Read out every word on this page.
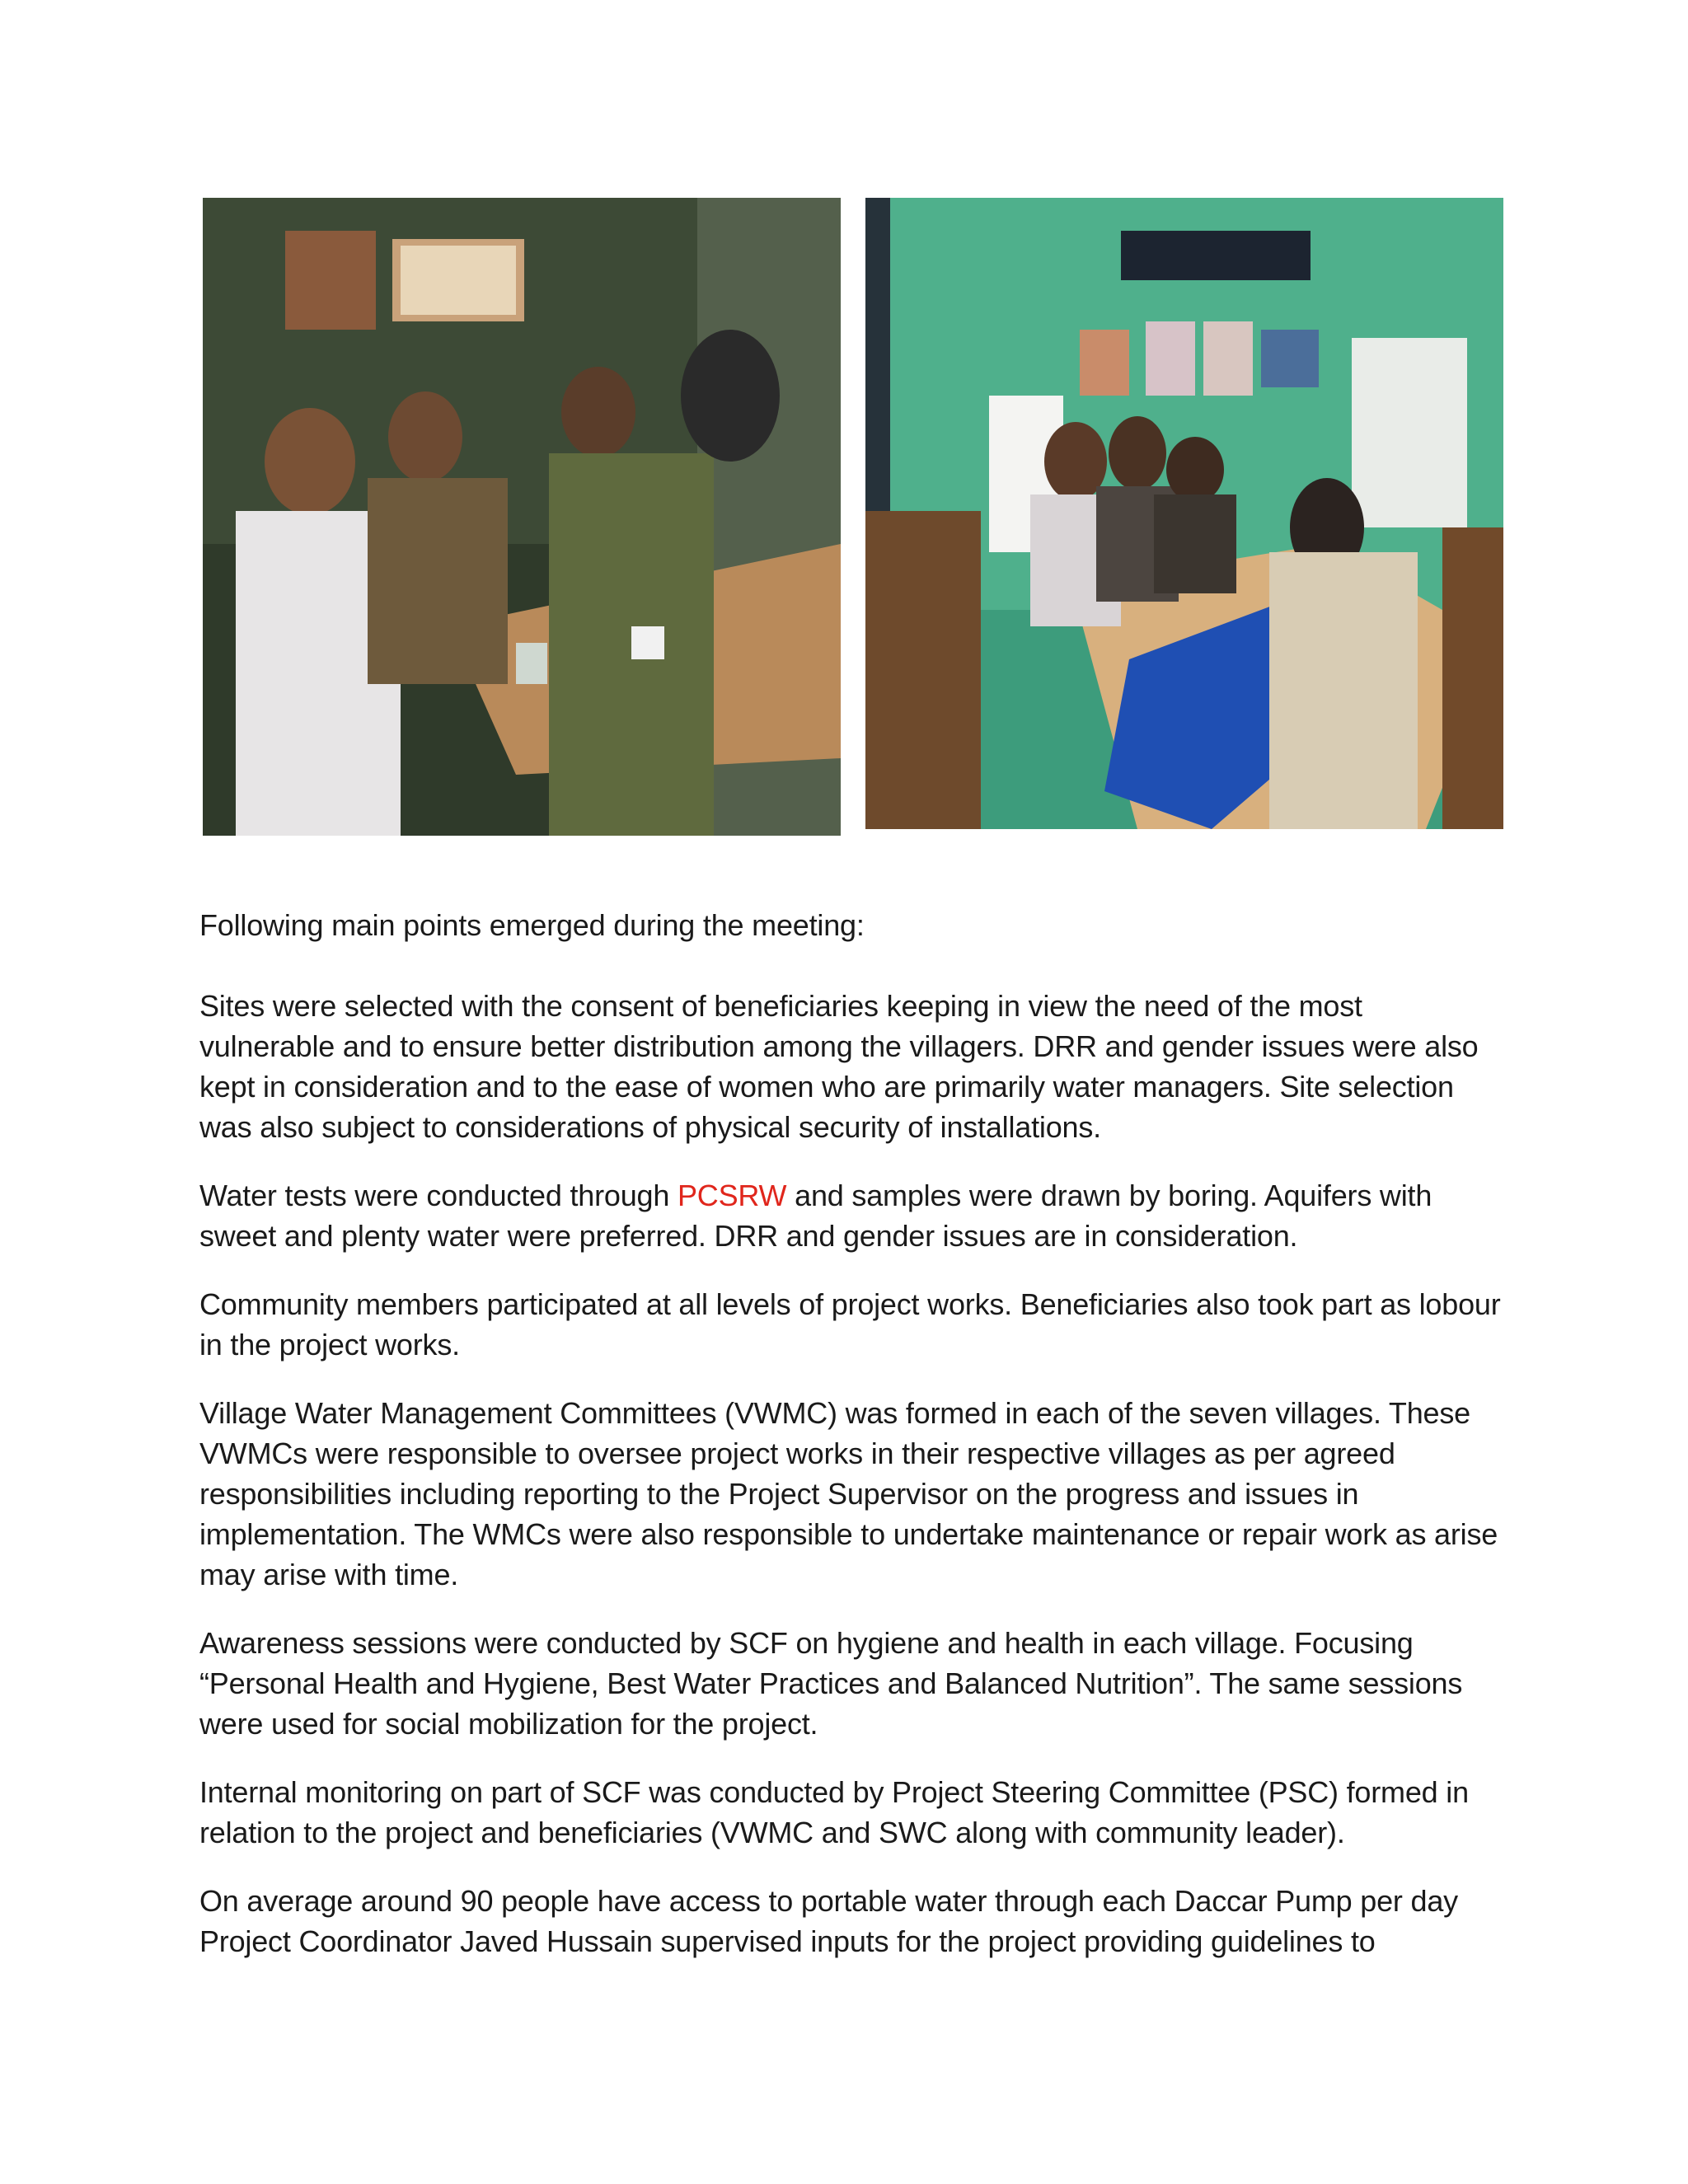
Following main points emerged during the meeting:

Sites were selected with the consent of beneficiaries keeping in view the need of the most vulnerable and to ensure better distribution among the villagers. DRR and gender issues were also kept in consideration and to the ease of women who are primarily water managers. Site selection was also subject to considerations of physical security of installations.

Water tests were conducted through PCSRW and samples were drawn by boring. Aquifers with sweet and plenty water were preferred. DRR and gender issues are in consideration.

Community members participated at all levels of project works. Beneficiaries also took part as lobour in the project works.

Village Water Management Committees (VWMC) was formed in each of the seven villages. These VWMCs were responsible to oversee project works in their respective villages as per agreed responsibilities including reporting to the Project Supervisor on the progress and issues in implementation. The WMCs were also responsible to undertake maintenance or repair work as arise may arise with time.

Awareness sessions were conducted by SCF on hygiene and health in each village. Focusing “Personal Health and Hygiene, Best Water Practices and Balanced Nutrition”. The same sessions were used for social mobilization for the project.

Internal monitoring on part of SCF was conducted by Project Steering Committee (PSC) formed in relation to the project and beneficiaries (VWMC and SWC along with community leader).

On average around 90 people have access to portable water through each Daccar Pump per day Project Coordinator Javed Hussain supervised inputs for the project providing guidelines to
